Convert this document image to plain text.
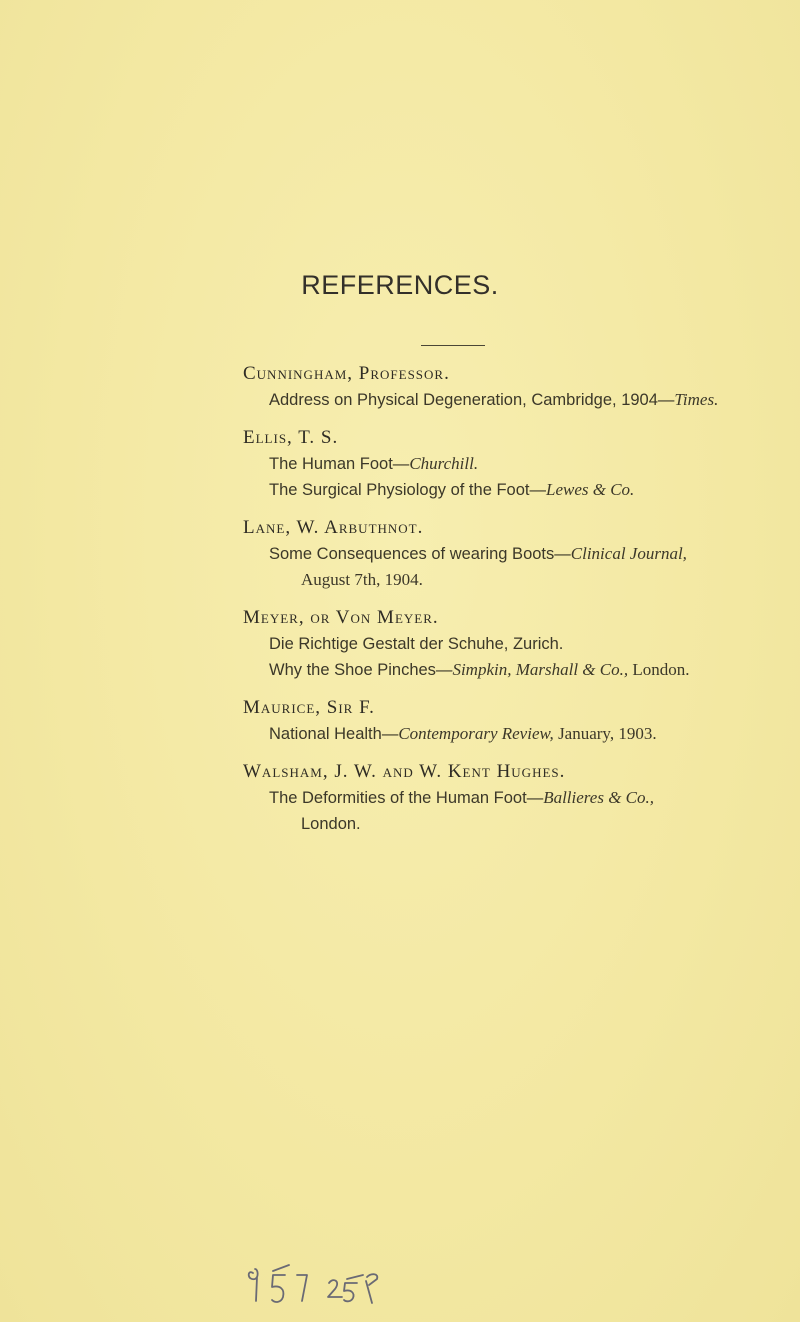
REFERENCES.
Cunningham, Professor.
Address on Physical Degeneration, Cambridge, 1904—Times.
Ellis, T. S.
The Human Foot—Churchill.
The Surgical Physiology of the Foot—Lewes & Co.
Lane, W. Arbuthnot.
Some Consequences of wearing Boots—Clinical Journal,
August 7th, 1904.
Meyer, or Von Meyer.
Die Richtige Gestalt der Schuhe, Zurich.
Why the Shoe Pinches—Simpkin, Marshall & Co., London.
Maurice, Sir F.
National Health—Contemporary Review, January, 1903.
Walsham, J. W. and W. Kent Hughes.
The Deformities of the Human Foot—Ballieres & Co.,
London.
